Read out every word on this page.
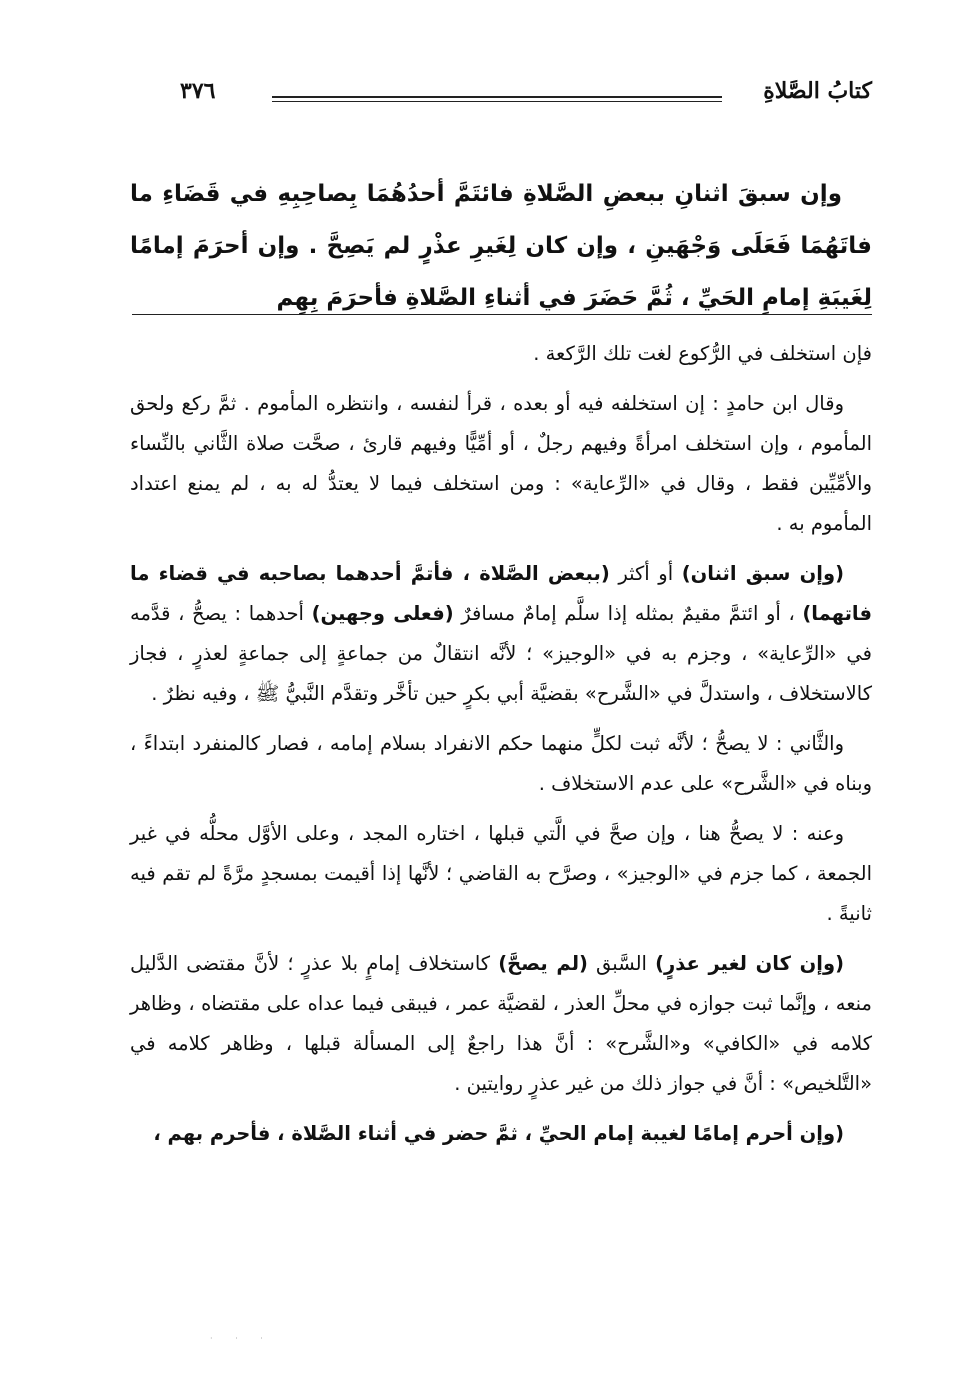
كتابُ الصَّلاةِ
٣٧٦

وإن سبقَ اثنانِ ببعضِ الصَّلاةِ فائتَمَّ أحدُهُمَا بِصاحِبِهِ في قَضَاءِ ما فاتَهُمَا فَعَلَى وَجْهَينِ ، وإن كان لِغَيرِ عذْرٍ لم يَصِحَّ . وإن أحرَمَ إمامًا لِغَيبَةِ إمامِ الحَيِّ ، ثُمَّ حَضَرَ في أثناءِ الصَّلاةِ فأحرَمَ بِهِم

فإن استخلف في الرُّكوع لغت تلك الرَّكعة .

وقال ابن حامدٍ : إن استخلفه فيه أو بعده ، قرأ لنفسه ، وانتظره المأموم . ثمَّ ركع ولحق المأموم ، وإن استخلف امرأةً وفيهم رجلٌ ، أو أمِّيًّا وفيهم قارئ ، صحَّت صلاة الثَّاني بالنِّساء والأمِّيِّين فقط ، وقال في «الرِّعاية» : ومن استخلف فيما لا يعتدُّ له به ، لم يمنع اعتداد المأموم به .

(وإن سبق اثنان) أو أكثر (ببعض الصَّلاة ، فأتمَّ أحدهما بصاحبه في قضاء ما فاتهما) ، أو ائتمَّ مقيمٌ بمثله إذا سلَّم إمامٌ مسافرٌ (فعلى وجهين) أحدهما : يصحُّ ، قدَّمه في «الرِّعاية» ، وجزم به في «الوجيز» ؛ لأنَّه انتقالٌ من جماعةٍ إلى جماعةٍ لعذرٍ ، فجاز كالاستخلاف ، واستدلَّ في «الشَّرح» بقضيَّة أبي بكرٍ حين تأخَّر وتقدَّم النَّبيُّ ﷺ ، وفيه نظرٌ .

والثَّاني : لا يصحُّ ؛ لأنَّه ثبت لكلٍّ منهما حكم الانفراد بسلام إمامه ، فصار كالمنفرد ابتداءً ، وبناه في «الشَّرح» على عدم الاستخلاف .

وعنه : لا يصحُّ هنا ، وإن صحَّ في الَّتي قبلها ، اختاره المجد ، وعلى الأوَّل محلُّه في غير الجمعة ، كما جزم في «الوجيز» ، وصرَّح به القاضي ؛ لأنَّها إذا أقيمت بمسجدٍ مرَّةً لم تقم فيه ثانيةً .

(وإن كان لغير عذرٍ) السَّبق (لم يصحَّ) كاستخلاف إمامٍ بلا عذرٍ ؛ لأنَّ مقتضى الدَّليل منعه ، وإنَّما ثبت جوازه في محلِّ العذر ، لقضيَّة عمر ، فيبقى فيما عداه على مقتضاه ، وظاهر كلامه في «الكافي» و«الشَّرح» : أنَّ هذا راجعٌ إلى المسألة قبلها ، وظاهر كلامه في «التَّلخيص» : أنَّ في جواز ذلك من غير عذرٍ روايتين .

(وإن أحرم إمامًا لغيبة إمام الحيِّ ، ثمَّ حضر في أثناء الصَّلاة ، فأحرم بهم ،

· · ·
